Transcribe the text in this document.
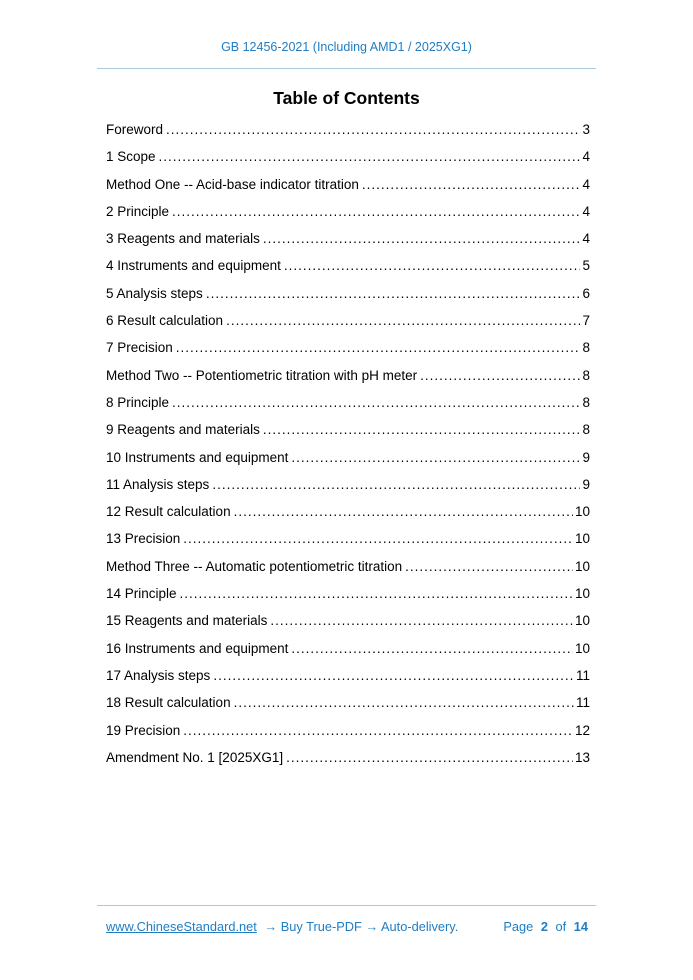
GB 12456-2021 (Including AMD1 / 2025XG1)
Table of Contents
Foreword .....	3
1 Scope .....	4
Method One -- Acid-base indicator titration .....	4
2 Principle .....	4
3 Reagents and materials .....	4
4 Instruments and equipment .....	5
5 Analysis steps .....	6
6 Result calculation .....	7
7 Precision .....	8
Method Two -- Potentiometric titration with pH meter .....	8
8 Principle .....	8
9 Reagents and materials .....	8
10 Instruments and equipment .....	9
11 Analysis steps .....	9
12 Result calculation .....	10
13 Precision .....	10
Method Three -- Automatic potentiometric titration .....	10
14 Principle .....	10
15 Reagents and materials .....	10
16 Instruments and equipment .....	10
17 Analysis steps .....	11
18 Result calculation .....	11
19 Precision .....	12
Amendment No. 1 [2025XG1] .....	13
www.ChineseStandard.net → Buy True-PDF → Auto-delivery.	Page 2 of 14
